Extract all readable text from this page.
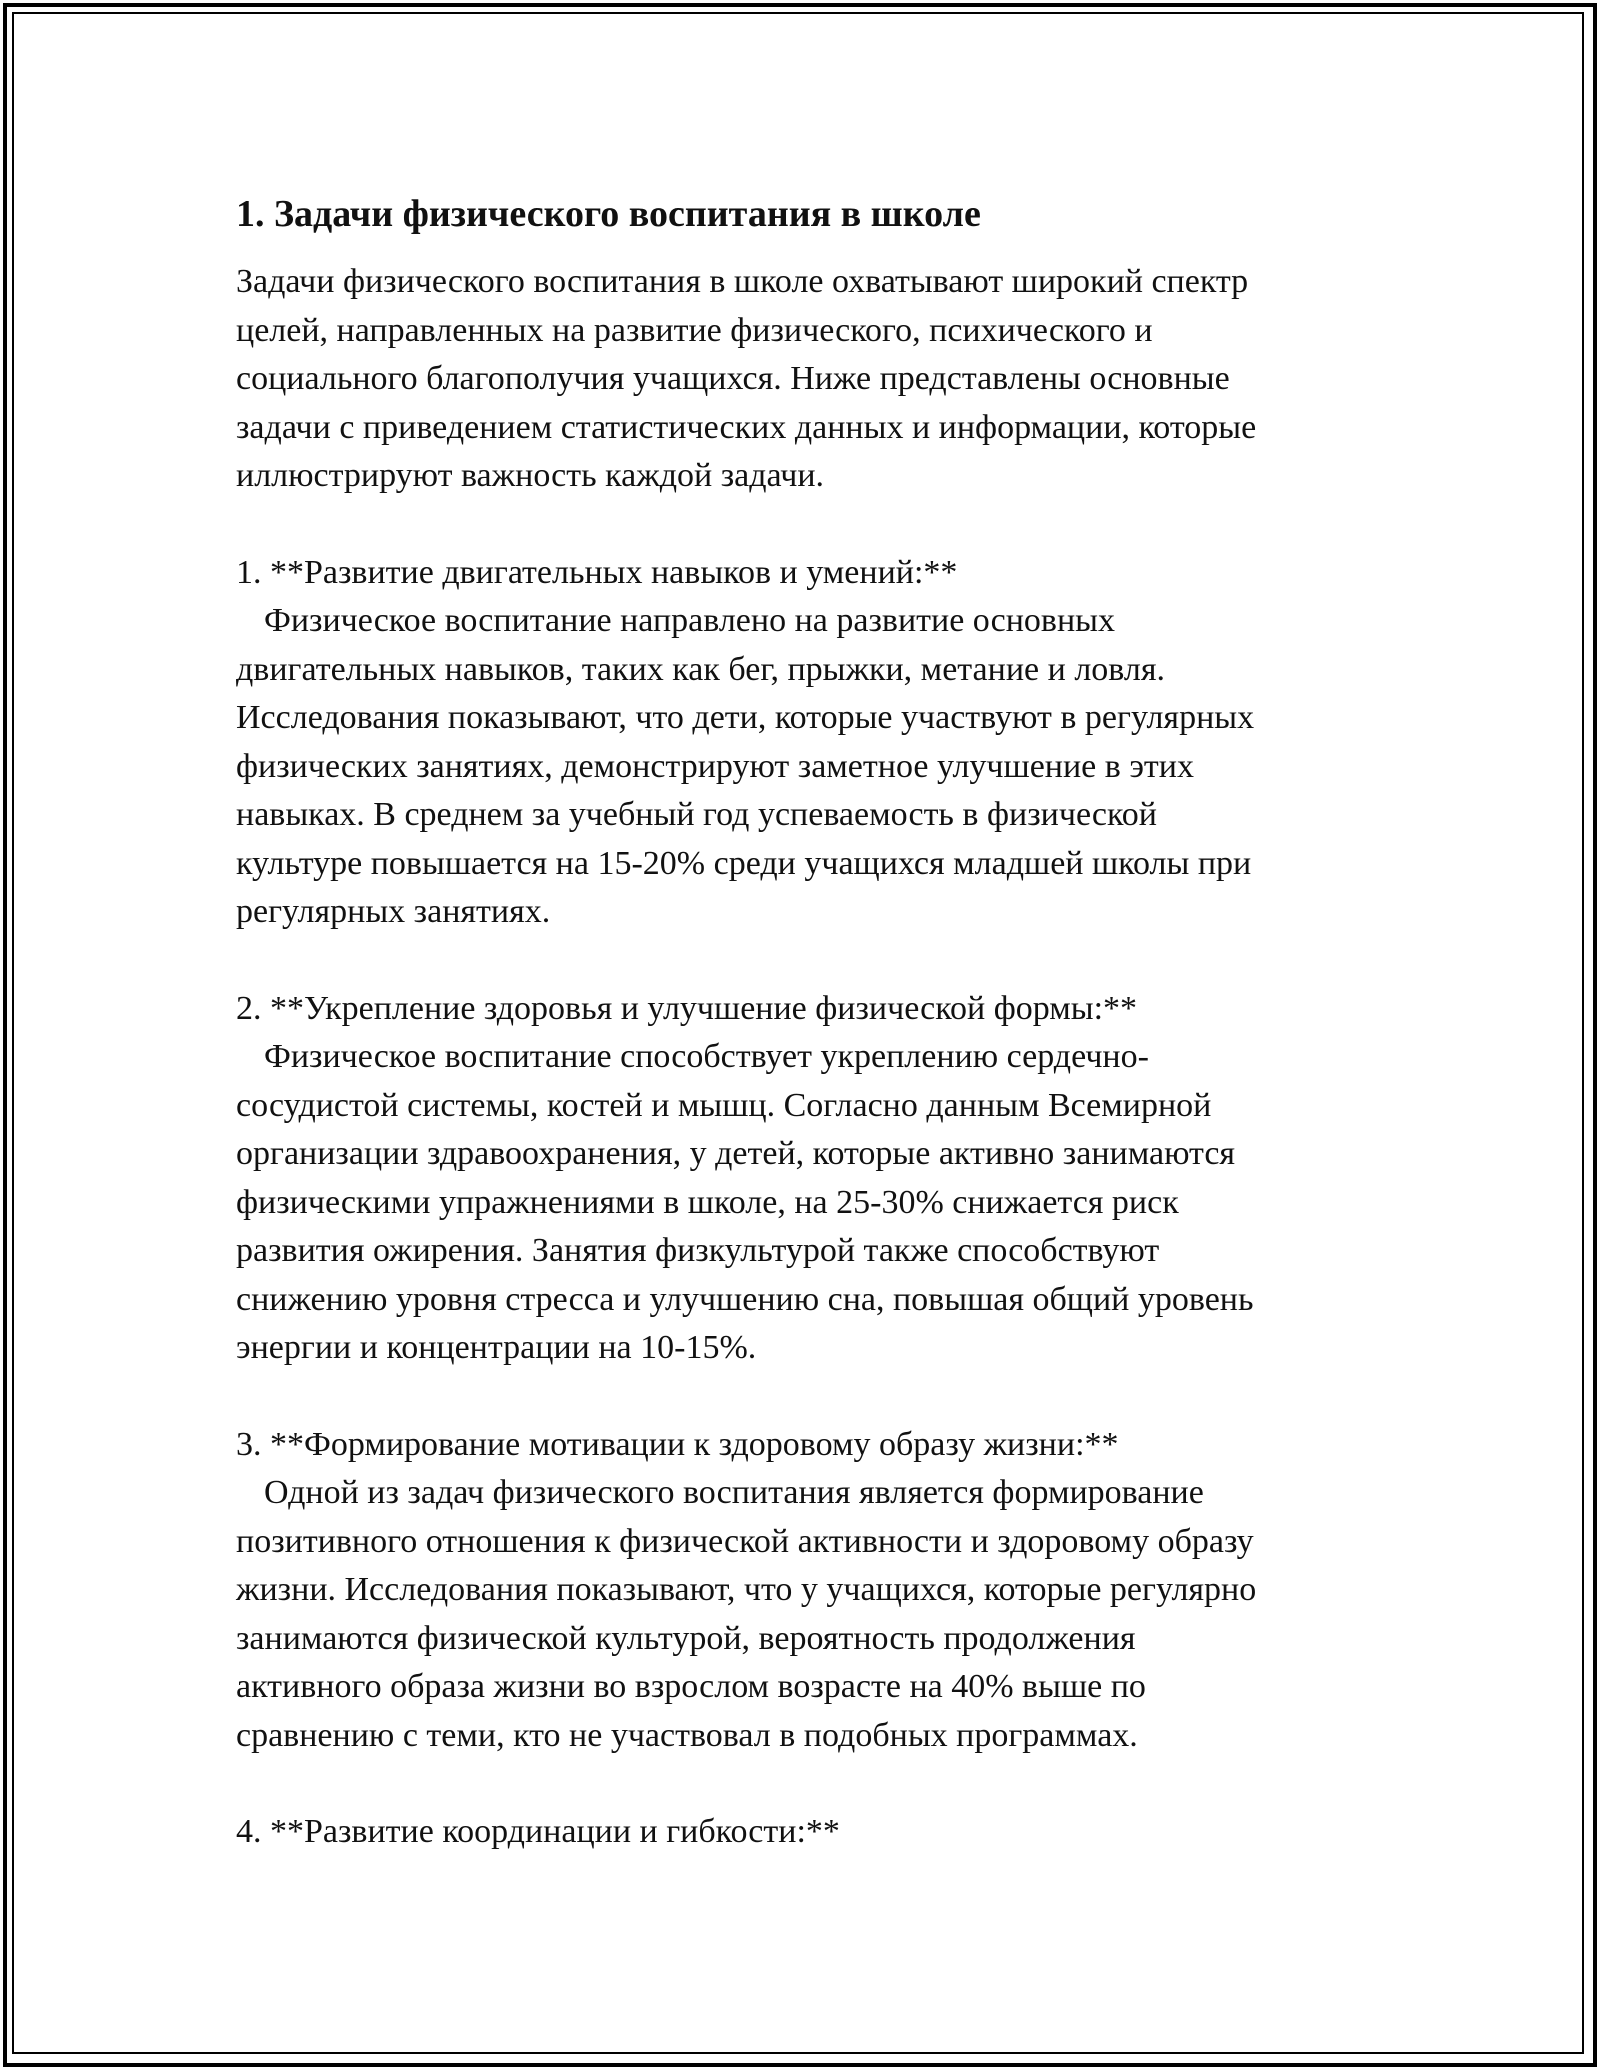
1. Задачи физического воспитания в школе
Задачи физического воспитания в школе охватывают широкий спектр
целей, направленных на развитие физического, психического и
социального благополучия учащихся. Ниже представлены основные
задачи с приведением статистических данных и информации, которые
иллюстрируют важность каждой задачи.
1. **Развитие двигательных навыков и умений:**
Физическое воспитание направлено на развитие основных
двигательных навыков, таких как бег, прыжки, метание и ловля.
Исследования показывают, что дети, которые участвуют в регулярных
физических занятиях, демонстрируют заметное улучшение в этих
навыках. В среднем за учебный год успеваемость в физической
культуре повышается на 15-20% среди учащихся младшей школы при
регулярных занятиях.
2. **Укрепление здоровья и улучшение физической формы:**
Физическое воспитание способствует укреплению сердечно-
сосудистой системы, костей и мышц. Согласно данным Всемирной
организации здравоохранения, у детей, которые активно занимаются
физическими упражнениями в школе, на 25-30% снижается риск
развития ожирения. Занятия физкультурой также способствуют
снижению уровня стресса и улучшению сна, повышая общий уровень
энергии и концентрации на 10-15%.
3. **Формирование мотивации к здоровому образу жизни:**
Одной из задач физического воспитания является формирование
позитивного отношения к физической активности и здоровому образу
жизни. Исследования показывают, что у учащихся, которые регулярно
занимаются физической культурой, вероятность продолжения
активного образа жизни во взрослом возрасте на 40% выше по
сравнению с теми, кто не участвовал в подобных программах.
4. **Развитие координации и гибкости:**
